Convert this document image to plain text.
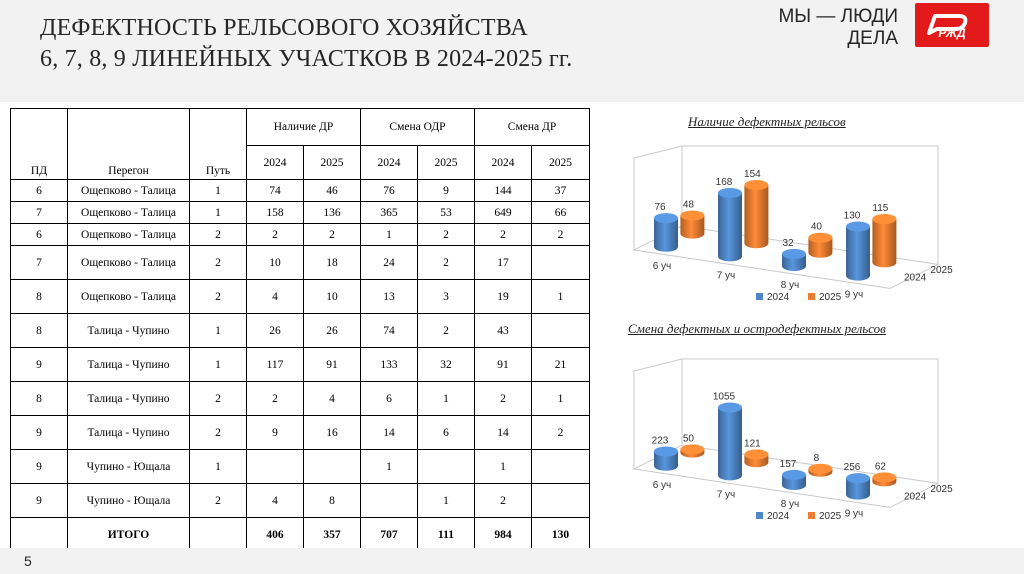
ДЕФЕКТНОСТЬ РЕЛЬСОВОГО ХОЗЯЙСТВА
6, 7, 8, 9 ЛИНЕЙНЫХ УЧАСТКОВ В 2024-2025 гг.
МЫ — ЛЮДИ
ДЕЛА	РЖД
ПД	Перегон	Путь	Наличие ДР		Смена ОДР		Смена ДР	
			2024	2025	2024	2025	2024	2025
6	Ощепково - Талица	1	74	46	76	9	144	37
7	Ощепково - Талица	1	158	136	365	53	649	66
6	Ощепково - Талица	2	2	2	1	2	2	2
7	Ощепково - Талица	2	10	18	24	2	17	
8	Ощепково - Талица	2	4	10	13	3	19	1
8	Талица - Чупино	1	26	26	74	2	43	
9	Талица - Чупино	1	117	91	133	32	91	21
8	Талица - Чупино	2	2	4	6	1	2	1
9	Талица - Чупино	2	9	16	14	6	14	2
9	Чупино - Ющала	1			1		1	
9	Чупино - Ющала	2	4	8		1	2	
	ИТОГО		406	357	707	111	984	130
Наличие дефектных рельсов
48
76
6 уч
154
168
7 уч
40
32
8 уч
115
130
9 уч
2025
2024
2024	2025
Смена дефектных и остродефектных рельсов
50
223
6 уч
121
1055
7 уч
8
157
8 уч
62
256
9 уч
2025
2024
2024	2025
5
